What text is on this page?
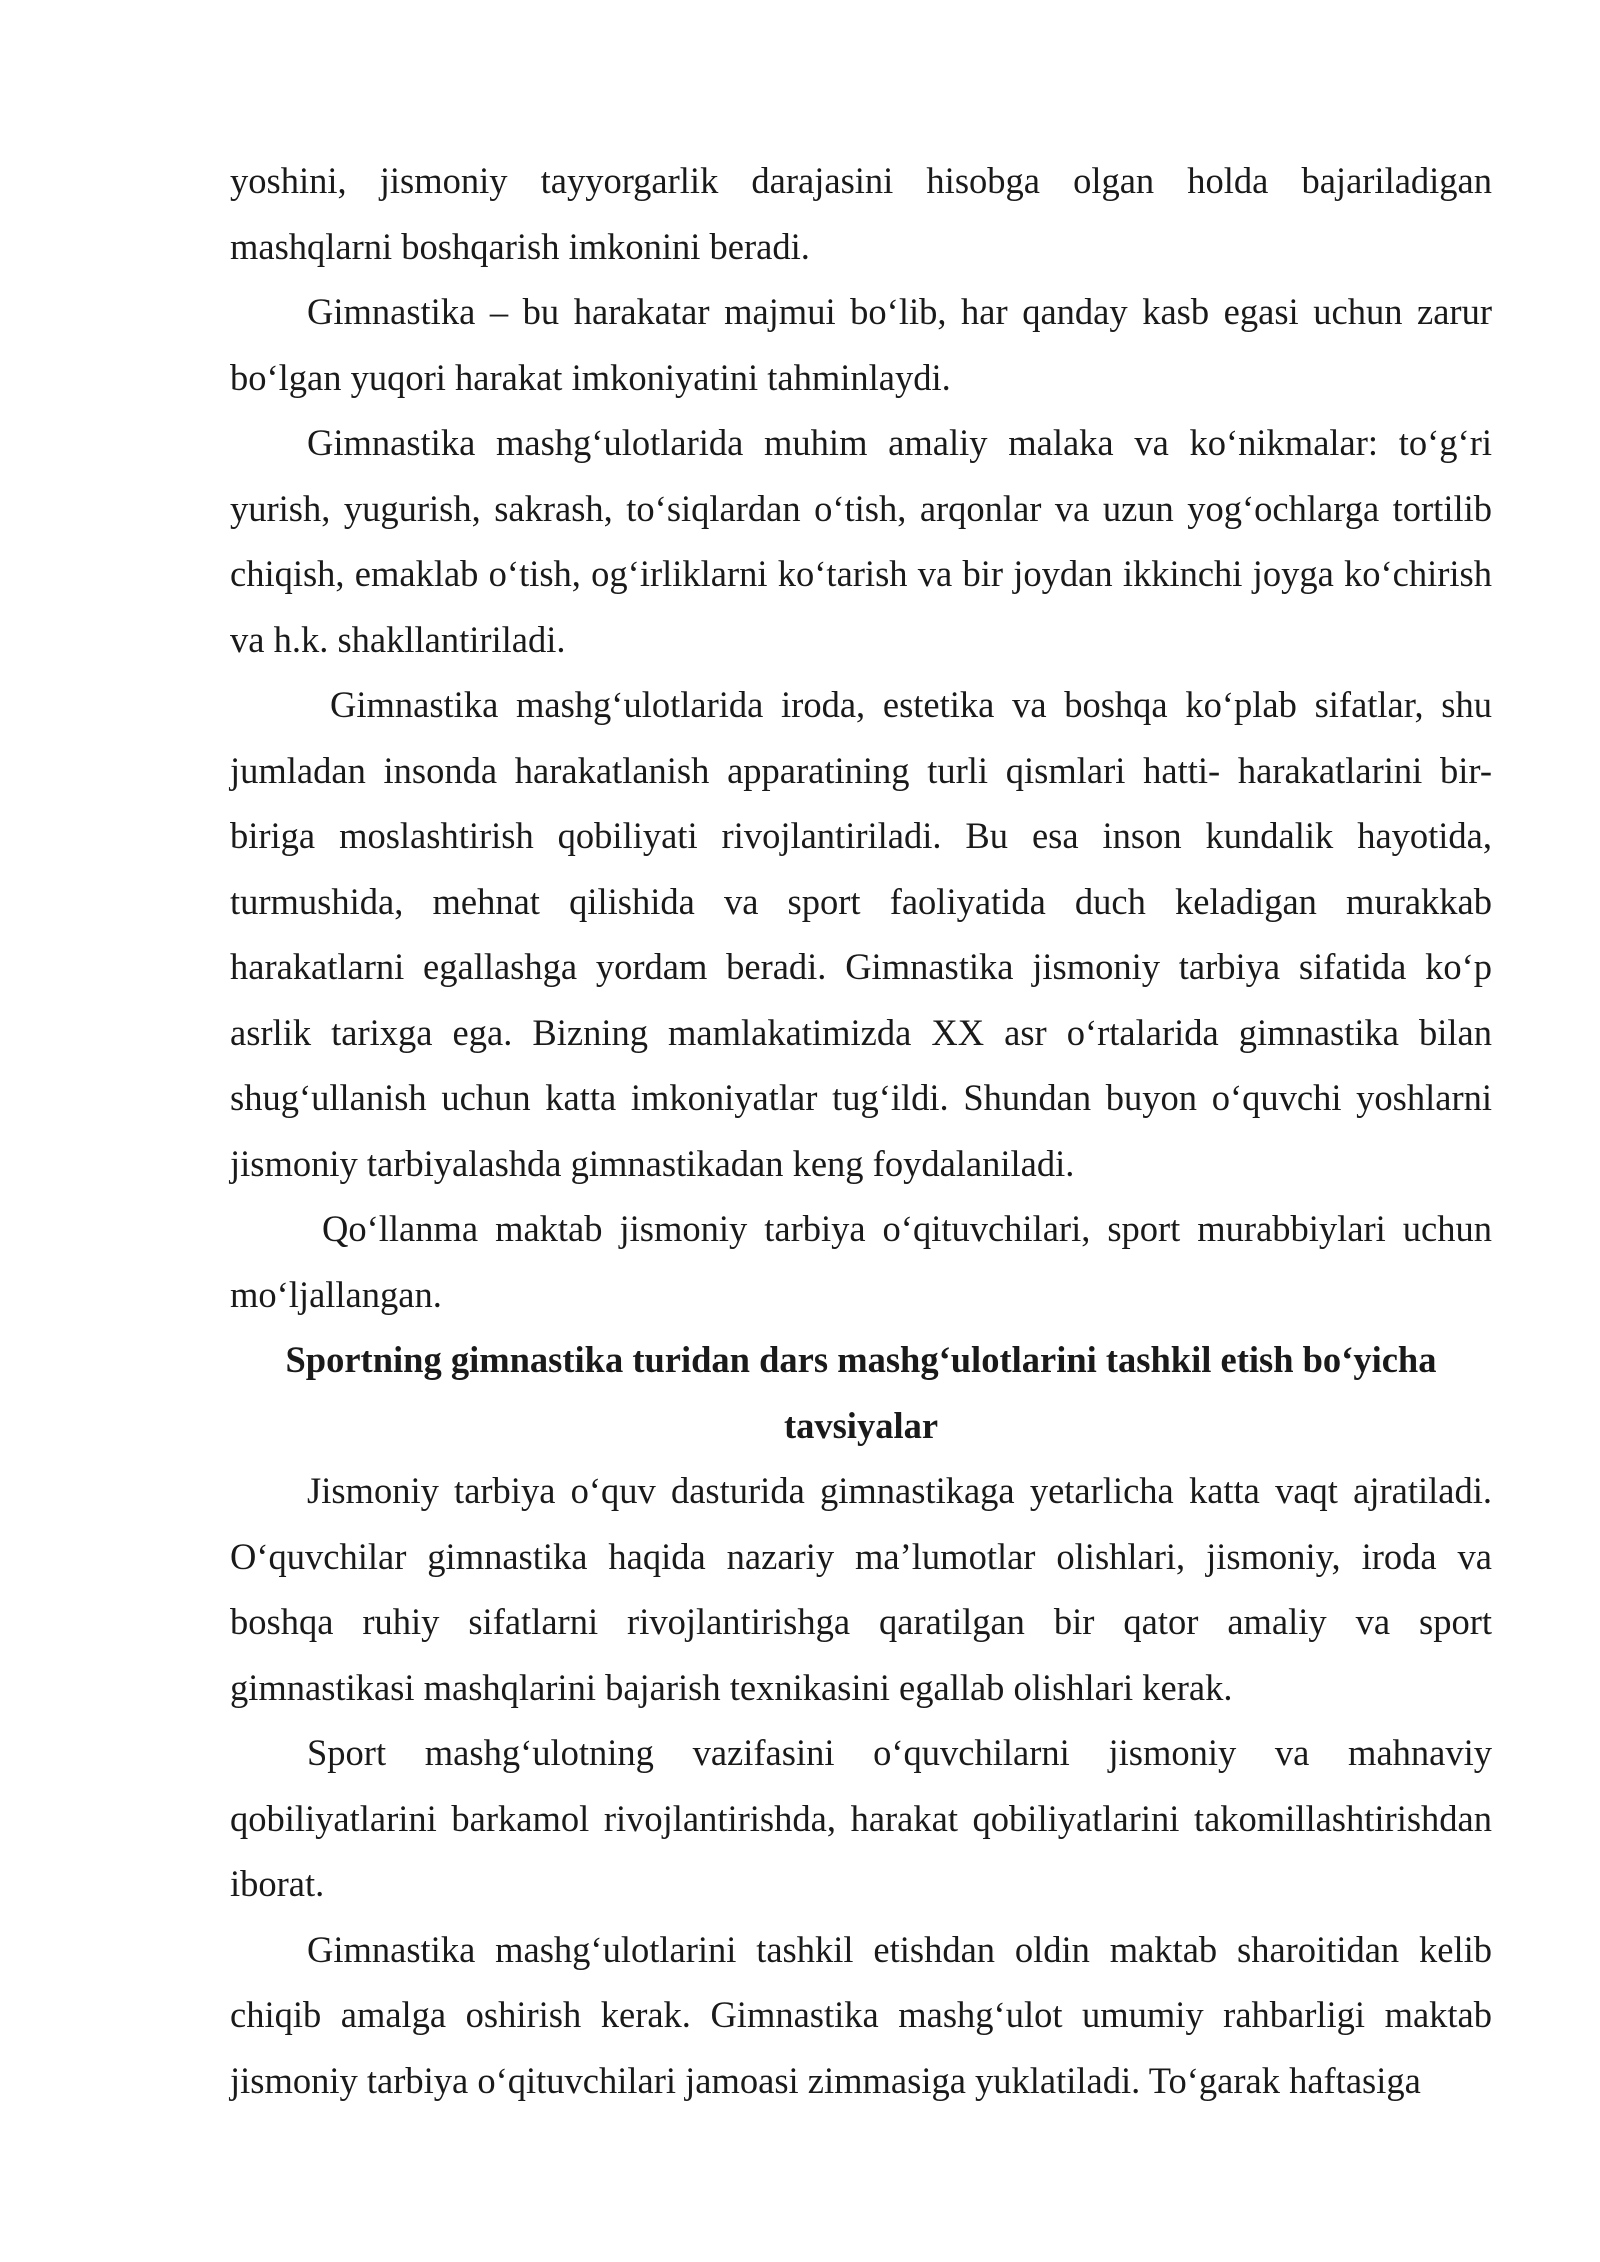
yoshini, jismoniy tayyorgarlik darajasini hisobga olgan holda bajariladigan mashqlarni boshqarish imkonini beradi.

Gimnastika – bu harakatar majmui bo‘lib, har qanday kasb egasi uchun zarur bo‘lgan yuqori harakat imkoniyatini tahminlaydi.

Gimnastika mashg‘ulotlarida muhim amaliy malaka va ko‘nikmalar: to‘g‘ri yurish, yugurish, sakrash, to‘siqlardan o‘tish, arqonlar va uzun yog‘ochlarga tortilib chiqish, emaklab o‘tish, og‘irliklarni ko‘tarish va bir joydan ikkinchi joyga ko‘chirish va h.k. shakllantiriladi.

Gimnastika mashg‘ulotlarida iroda, estetika va boshqa ko‘plab sifatlar, shu jumladan insonda harakatlanish apparatining turli qismlari hatti- harakatlarini bir-biriga moslashtirish qobiliyati rivojlantiriladi. Bu esa inson kundalik hayotida, turmushida, mehnat qilishida va sport faoliyatida duch keladigan murakkab harakatlarni egallashga yordam beradi. Gimnastika jismoniy tarbiya sifatida ko‘p asrlik tarixga ega. Bizning mamlakatimizda XX asr o‘rtalarida gimnastika bilan shug‘ullanish uchun katta imkoniyatlar tug‘ildi. Shundan buyon o‘quvchi yoshlarni jismoniy tarbiyalashda gimnastikadan keng foydalaniladi.

Qo‘llanma maktab jismoniy tarbiya o‘qituvchilari, sport murabbiylari uchun mo‘ljallangan.

Sportning gimnastika turidan dars mashg‘ulotlarini tashkil etish bo‘yicha tavsiyalar

Jismoniy tarbiya o‘quv dasturida gimnastikaga yetarlicha katta vaqt ajratiladi. O‘quvchilar gimnastika haqida nazariy ma’lumotlar olishlari, jismoniy, iroda va boshqa ruhiy sifatlarni rivojlantirishga qaratilgan bir qator amaliy va sport gimnastikasi mashqlarini bajarish texnikasini egallab olishlari kerak.

Sport mashg‘ulotning vazifasini o‘quvchilarni jismoniy va mahnaviy qobiliyatlarini barkamol rivojlantirishda, harakat qobiliyatlarini takomillashtirishdan iborat.

Gimnastika mashg‘ulotlarini tashkil etishdan oldin maktab sharoitidan kelib chiqib amalga oshirish kerak. Gimnastika mashg‘ulot umumiy rahbarligi maktab jismoniy tarbiya o‘qituvchilari jamoasi zimmasiga yuklatiladi. To‘garak haftasiga
